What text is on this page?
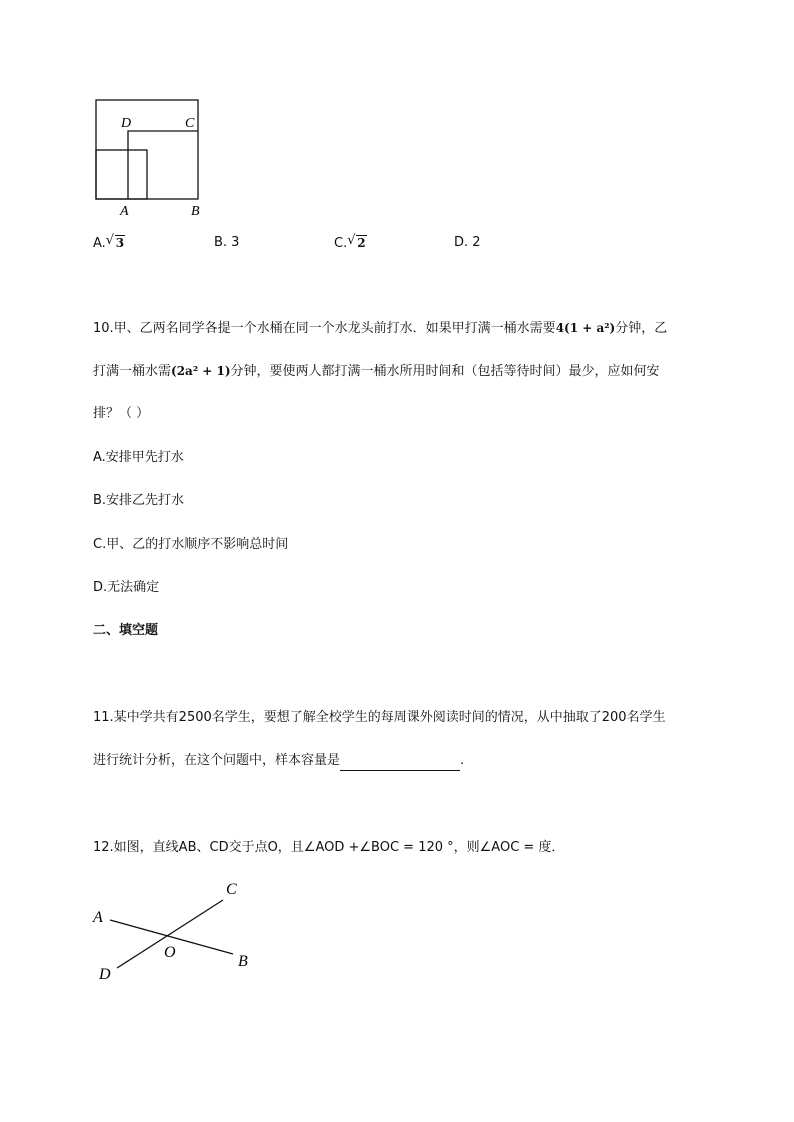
D	C
A	B
A. √ 3	B. 3	C. √ 2	D. 2
10.甲、乙两名同学各提一个水桶在同一个水龙头前打水．如果甲打满一桶水需要4(1 + a²)分钟，乙
打满一桶水需(2a² + 1)分钟，要使两人都打满一桶水所用时间和（包括等待时间）最少，应如何安
排？（ ）
A.安排甲先打水
B.安排乙先打水
C.甲、乙的打水顺序不影响总时间
D.无法确定
二、填空题
11.某中学共有2500名学生，要想了解全校学生的每周课外阅读时间的情况，从中抽取了200名学生
进行统计分析，在这个问题中，样本容量是	.
12.如图，直线AB、CD交于点O，且∠AOD +∠BOC = 120 °，则∠AOC = 度．
A
B
C
D
O
